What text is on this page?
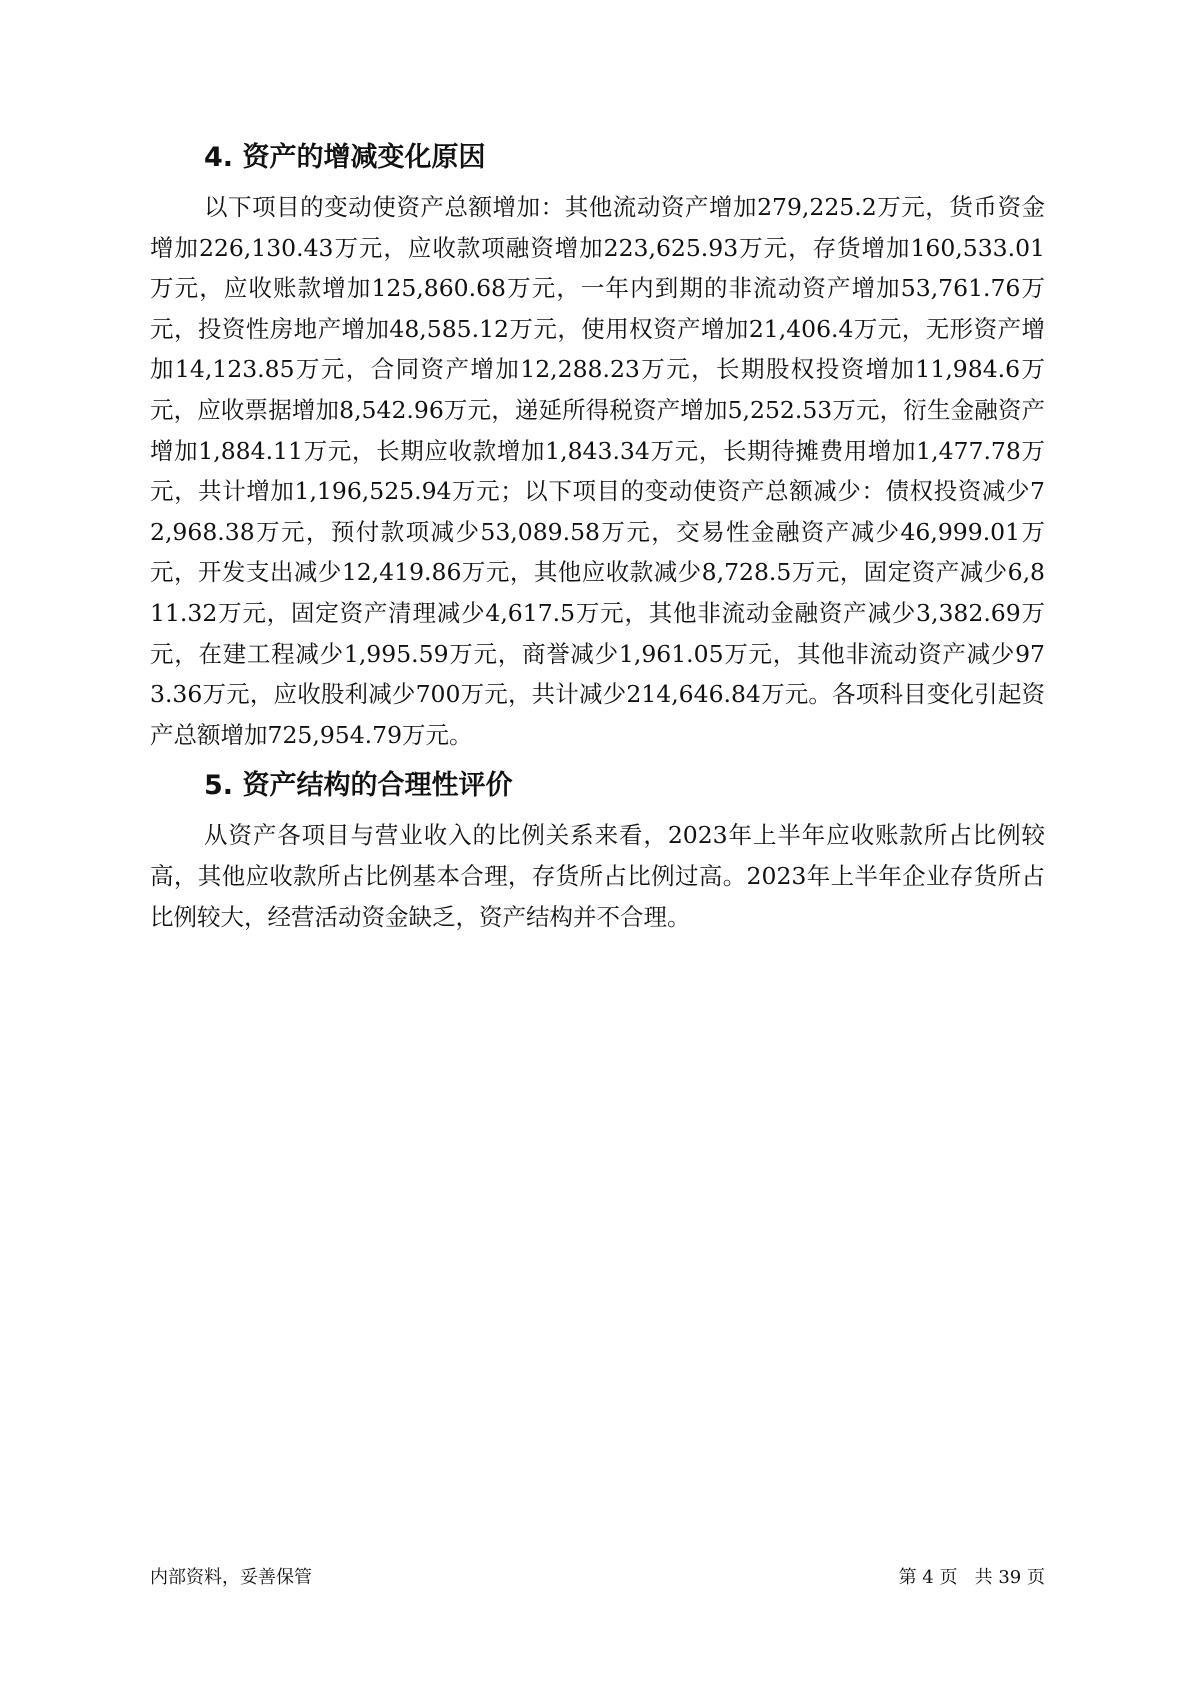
4. 资产的增减变化原因

以下项目的变动使资产总额增加：其他流动资产增加279,225.2万元，货币资金增加226,130.43万元，应收款项融资增加223,625.93万元，存货增加160,533.01万元，应收账款增加125,860.68万元，一年内到期的非流动资产增加53,761.76万元，投资性房地产增加48,585.12万元，使用权资产增加21,406.4万元，无形资产增加14,123.85万元，合同资产增加12,288.23万元，长期股权投资增加11,984.6万元，应收票据增加8,542.96万元，递延所得税资产增加5,252.53万元，衍生金融资产增加1,884.11万元，长期应收款增加1,843.34万元，长期待摊费用增加1,477.78万元，共计增加1,196,525.94万元；以下项目的变动使资产总额减少：债权投资减少72,968.38万元，预付款项减少53,089.58万元，交易性金融资产减少46,999.01万元，开发支出减少12,419.86万元，其他应收款减少8,728.5万元，固定资产减少6,811.32万元，固定资产清理减少4,617.5万元，其他非流动金融资产减少3,382.69万元，在建工程减少1,995.59万元，商誉减少1,961.05万元，其他非流动资产减少973.36万元，应收股利减少700万元，共计减少214,646.84万元。各项科目变化引起资产总额增加725,954.79万元。

5. 资产结构的合理性评价

从资产各项目与营业收入的比例关系来看，2023年上半年应收账款所占比例较高，其他应收款所占比例基本合理，存货所占比例过高。2023年上半年企业存货所占比例较大，经营活动资金缺乏，资产结构并不合理。

内部资料，妥善保管	第 4 页   共 39 页
